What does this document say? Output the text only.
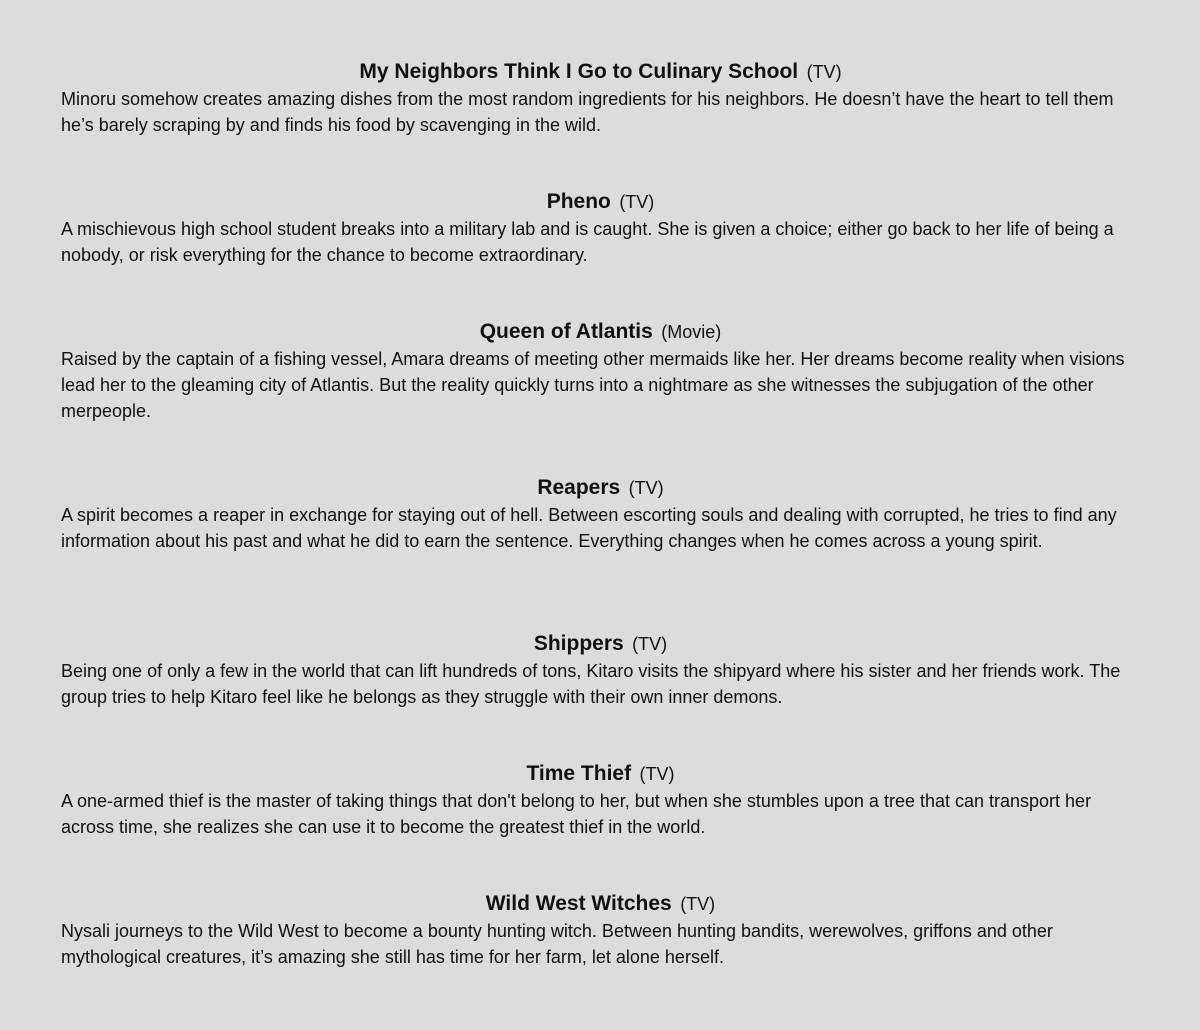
My Neighbors Think I Go to Culinary School (TV)

Minoru somehow creates amazing dishes from the most random ingredients for his neighbors. He doesn’t have the heart to tell them he’s barely scraping by and finds his food by scavenging in the wild.

Pheno (TV)

A mischievous high school student breaks into a military lab and is caught. She is given a choice; either go back to her life of being a nobody, or risk everything for the chance to become extraordinary.

Queen of Atlantis (Movie)

Raised by the captain of a fishing vessel, Amara dreams of meeting other mermaids like her. Her dreams become reality when visions lead her to the gleaming city of Atlantis. But the reality quickly turns into a nightmare as she witnesses the subjugation of the other merpeople.

Reapers (TV)

A spirit becomes a reaper in exchange for staying out of hell. Between escorting souls and dealing with corrupted, he tries to find any information about his past and what he did to earn the sentence. Everything changes when he comes across a young spirit.

Shippers (TV)

Being one of only a few in the world that can lift hundreds of tons, Kitaro visits the shipyard where his sister and her friends work. The group tries to help Kitaro feel like he belongs as they struggle with their own inner demons.

Time Thief (TV)

A one-armed thief is the master of taking things that don't belong to her, but when she stumbles upon a tree that can transport her across time, she realizes she can use it to become the greatest thief in the world.

Wild West Witches (TV)

Nysali journeys to the Wild West to become a bounty hunting witch. Between hunting bandits, werewolves, griffons and other mythological creatures, it’s amazing she still has time for her farm, let alone herself.
